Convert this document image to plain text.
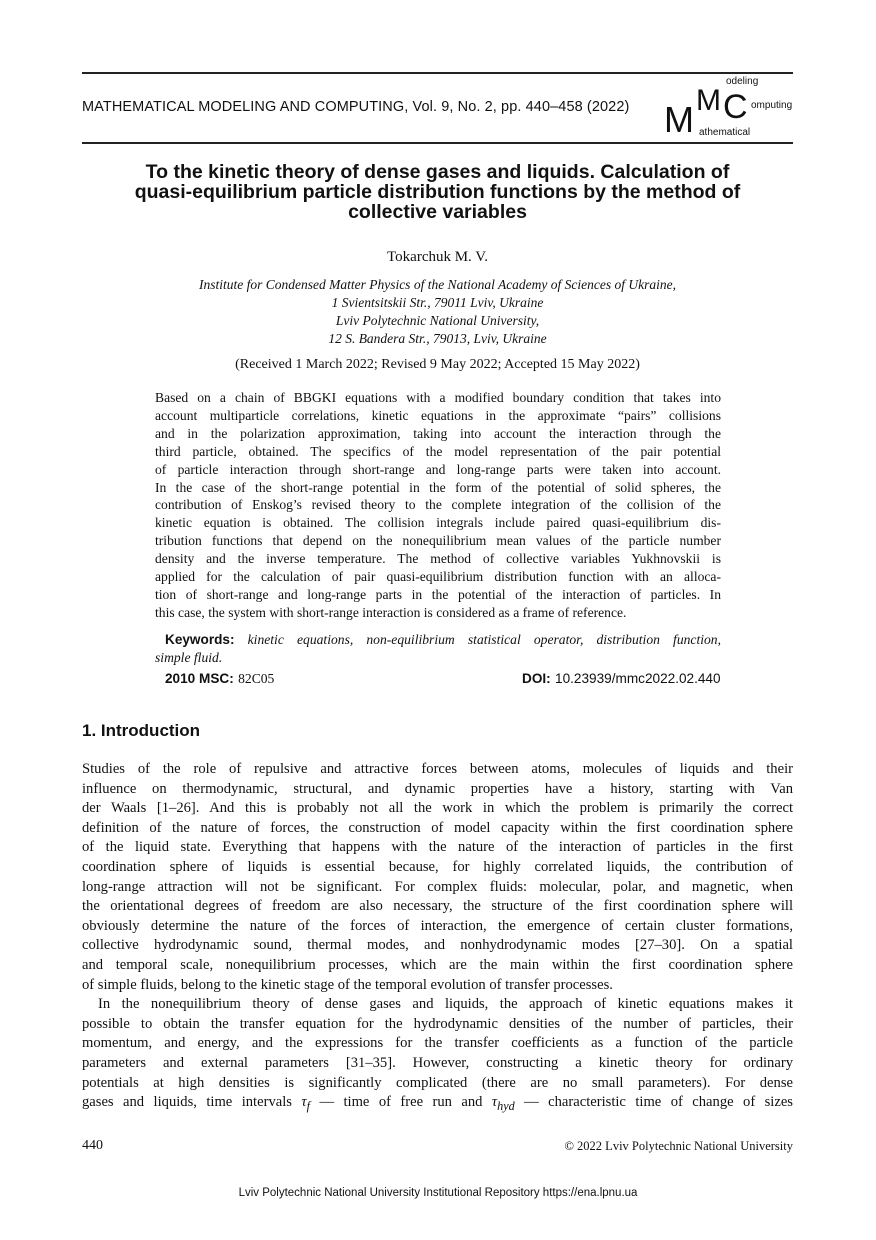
MATHEMATICAL MODELING AND COMPUTING, Vol. 9, No. 2, pp. 440–458 (2022) M M C
odeling
omputing
athematical
To the kinetic theory of dense gases and liquids. Calculation of
quasi-equilibrium particle distribution functions by the method of
collective variables
Tokarchuk M. V.
Institute for Condensed Matter Physics of the National Academy of Sciences of Ukraine,
1 Svientsitskii Str., 79011 Lviv, Ukraine
Lviv Polytechnic National University,
12 S. Bandera Str., 79013, Lviv, Ukraine
(Received 1 March 2022; Revised 9 May 2022; Accepted 15 May 2022)
Based on a chain of BBGKI equations with a modified boundary condition that takes into
account multiparticle correlations, kinetic equations in the approximate “pairs” collisions
and in the polarization approximation, taking into account the interaction through the
third particle, obtained. The specifics of the model representation of the pair potential
of particle interaction through short-range and long-range parts were taken into account.
In the case of the short-range potential in the form of the potential of solid spheres, the
contribution of Enskog’s revised theory to the complete integration of the collision of the
kinetic equation is obtained. The collision integrals include paired quasi-equilibrium dis-
tribution functions that depend on the nonequilibrium mean values of the particle number
density and the inverse temperature. The method of collective variables Yukhnovskii is
applied for the calculation of pair quasi-equilibrium distribution function with an alloca-
tion of short-range and long-range parts in the potential of the interaction of particles. In
this case, the system with short-range interaction is considered as a frame of reference.
Keywords: kinetic equations, non-equilibrium statistical operator, distribution function,
simple fluid.
2010 MSC: 82C05	DOI: 10.23939/mmc2022.02.440
1. Introduction
Studies of the role of repulsive and attractive forces between atoms, molecules of liquids and their
influence on thermodynamic, structural, and dynamic properties have a history, starting with Van
der Waals [1–26]. And this is probably not all the work in which the problem is primarily the correct
definition of the nature of forces, the construction of model capacity within the first coordination sphere
of the liquid state. Everything that happens with the nature of the interaction of particles in the first
coordination sphere of liquids is essential because, for highly correlated liquids, the contribution of
long-range attraction will not be significant. For complex fluids: molecular, polar, and magnetic, when
the orientational degrees of freedom are also necessary, the structure of the first coordination sphere will
obviously determine the nature of the forces of interaction, the emergence of certain cluster formations,
collective hydrodynamic sound, thermal modes, and nonhydrodynamic modes [27–30]. On a spatial
and temporal scale, nonequilibrium processes, which are the main within the first coordination sphere
of simple fluids, belong to the kinetic stage of the temporal evolution of transfer processes.
In the nonequilibrium theory of dense gases and liquids, the approach of kinetic equations makes it
possible to obtain the transfer equation for the hydrodynamic densities of the number of particles, their
momentum, and energy, and the expressions for the transfer coefficients as a function of the particle
parameters and external parameters [31–35]. However, constructing a kinetic theory for ordinary
potentials at high densities is significantly complicated (there are no small parameters). For dense
gases and liquids, time intervals $\tau_f$ — time of free run and $\tau_{hyd}$ — characteristic time of change of sizes
440	© 2022 Lviv Polytechnic National University
Lviv Polytechnic National University Institutional Repository https://ena.lpnu.ua
